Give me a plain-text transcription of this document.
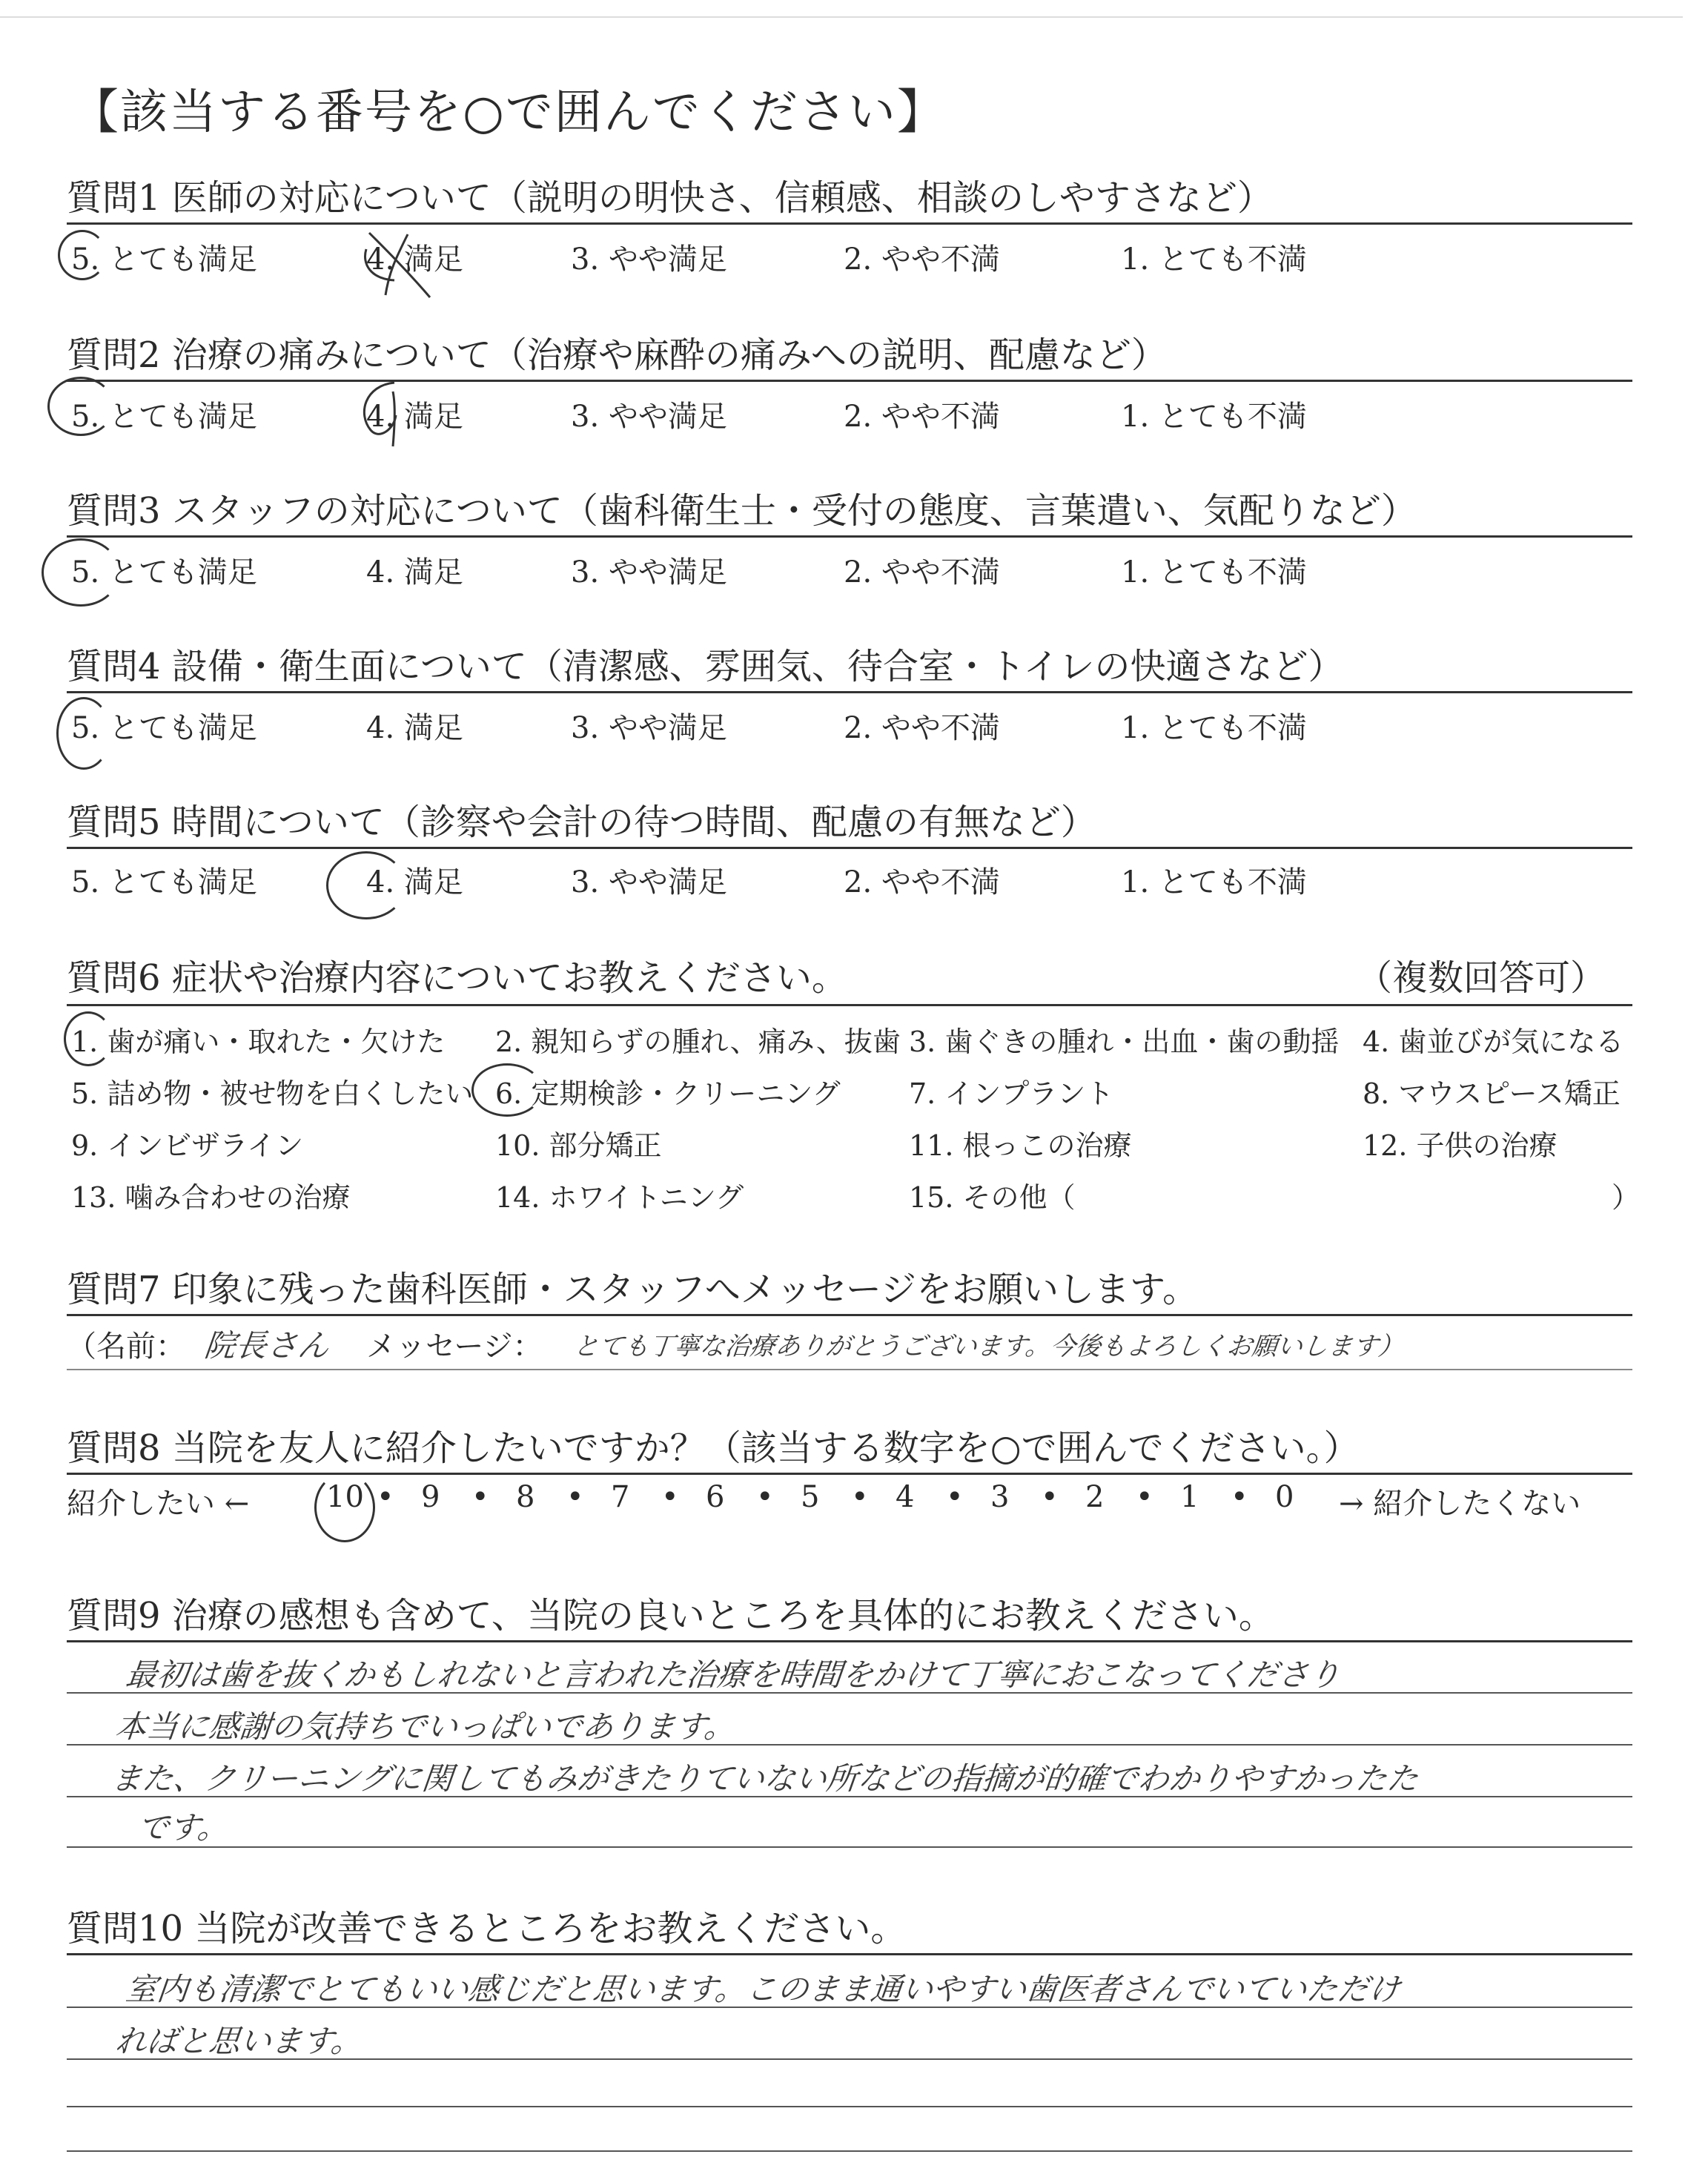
【該当する番号を○で囲んでください】
質問1 医師の対応について（説明の明快さ、信頼感、相談のしやすさなど）
5. とても満足	4. 満足	3. やや満足	2. やや不満	1. とても不満
質問2 治療の痛みについて（治療や麻酔の痛みへの説明、配慮など）
5. とても満足	4. 満足	3. やや満足	2. やや不満	1. とても不満
質問3 スタッフの対応について（歯科衛生士・受付の態度、言葉遣い、気配りなど）
5. とても満足	4. 満足	3. やや満足	2. やや不満	1. とても不満
質問4 設備・衛生面について（清潔感、雰囲気、待合室・トイレの快適さなど）
5. とても満足	4. 満足	3. やや満足	2. やや不満	1. とても不満
質問5 時間について（診察や会計の待つ時間、配慮の有無など）
5. とても満足	4. 満足	3. やや満足	2. やや不満	1. とても不満
質問6 症状や治療内容についてお教えください。	（複数回答可）
1. 歯が痛い・取れた・欠けた 2. 親知らずの腫れ、痛み、抜歯 3. 歯ぐきの腫れ・出血・歯の動揺 4. 歯並びが気になる
5. 詰め物・被せ物を白くしたい 6. 定期検診・クリーニング 7. インプラント	8. マウスピース矯正
9. インビザライン	10. 部分矯正	11. 根っこの治療	12. 子供の治療
13. 噛み合わせの治療	14. ホワイトニング	15. その他（	）
質問7 印象に残った歯科医師・スタッフへメッセージをお願いします。
（名前： 院長さん メッセージ： とても丁寧な治療ありがとうございます。今後もよろしくお願いします）
質問8 当院を友人に紹介したいですか？（該当する数字を○で囲んでください。）
紹介したい ←	→ 紹介したくない
10 • 9 • 8 • 7 • 6 • 5 • 4 • 3 • 2 • 1 • 0
質問9 治療の感想も含めて、当院の良いところを具体的にお教えください。
最初は歯を抜くかもしれないと言われた治療を時間をかけて丁寧におこなってくださり
本当に感謝の気持ちでいっぱいであります。
また、クリーニングに関してもみがきたりていない所などの指摘が的確でわかりやすかったた
です。
質問10 当院が改善できるところをお教えください。
室内も清潔でとてもいい感じだと思います。このまま通いやすい歯医者さんでいていただけ
ればと思います。
